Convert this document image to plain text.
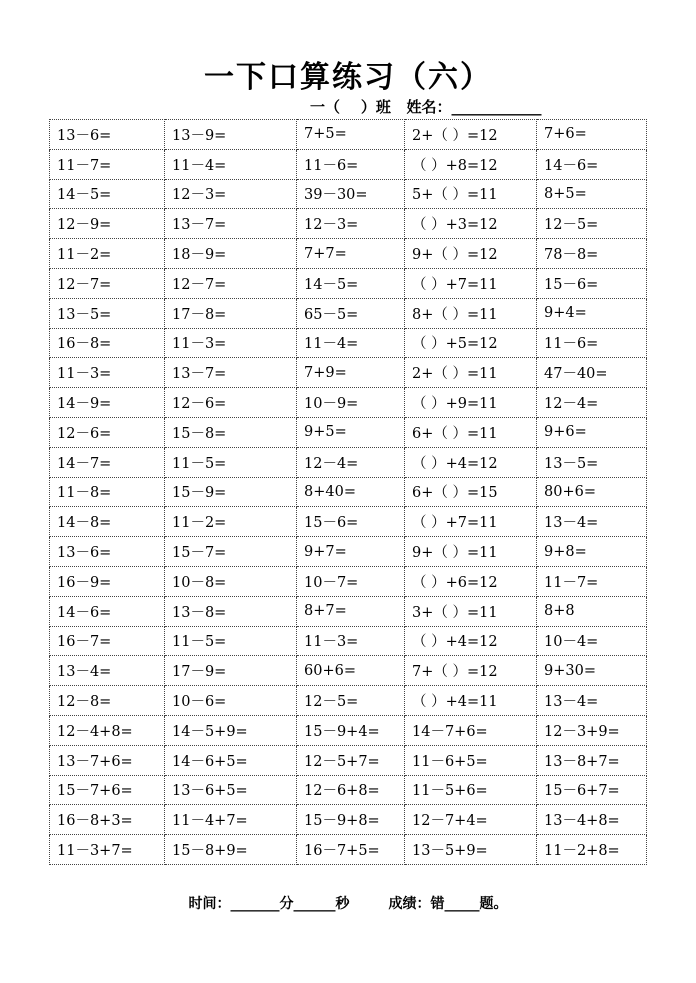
一下口算练习（六）
一（    ）班   姓名：____________
13－6=	13－9=	7+5=	2+（ ）=12	7+6=
11－7=	11－4=	11－6=	（ ）+8=12	14－6=
14－5=	12－3=	39－30=	5+（ ）=11	8+5=
12－9=	13－7=	12－3=	（ ）+3=12	12－5=
11－2=	18－9=	7+7=	9+（ ）=12	78－8=
12－7=	12－7=	14－5=	（ ）+7=11	15－6=
13－5=	17－8=	65－5=	8+（ ）=11	9+4=
16－8=	11－3=	11－4=	（ ）+5=12	11－6=
11－3=	13－7=	7+9=	2+（ ）=11	47－40=
14－9=	12－6=	10－9=	（ ）+9=11	12－4=
12－6=	15－8=	9+5=	6+（ ）=11	9+6=
14－7=	11－5=	12－4=	（ ）+4=12	13－5=
11－8=	15－9=	8+40=	6+（ ）=15	80+6=
14－8=	11－2=	15－6=	（ ）+7=11	13－4=
13－6=	15－7=	9+7=	9+（ ）=11	9+8=
16－9=	10－8=	10－7=	（ ）+6=12	11－7=
14－6=	13－8=	8+7=	3+（ ）=11	8+8
16－7=	11－5=	11－3=	（ ）+4=12	10－4=
13－4=	17－9=	60+6=	7+（ ）=12	9+30=
12－8=	10－6=	12－5=	（ ）+4=11	13－4=
12－4+8=	14－5+9=	15－9+4=	14－7+6=	12－3+9=
13－7+6=	14－6+5=	12－5+7=	11－6+5=	13－8+7=
15－7+6=	13－6+5=	12－6+8=	11－5+6=	15－6+7=
16－8+3=	11－4+7=	15－9+8=	12－7+4=	13－4+8=
11－3+7=	15－8+9=	16－7+5=	13－5+9=	11－2+8=
时间：_______分______秒        成绩：错_____题。
